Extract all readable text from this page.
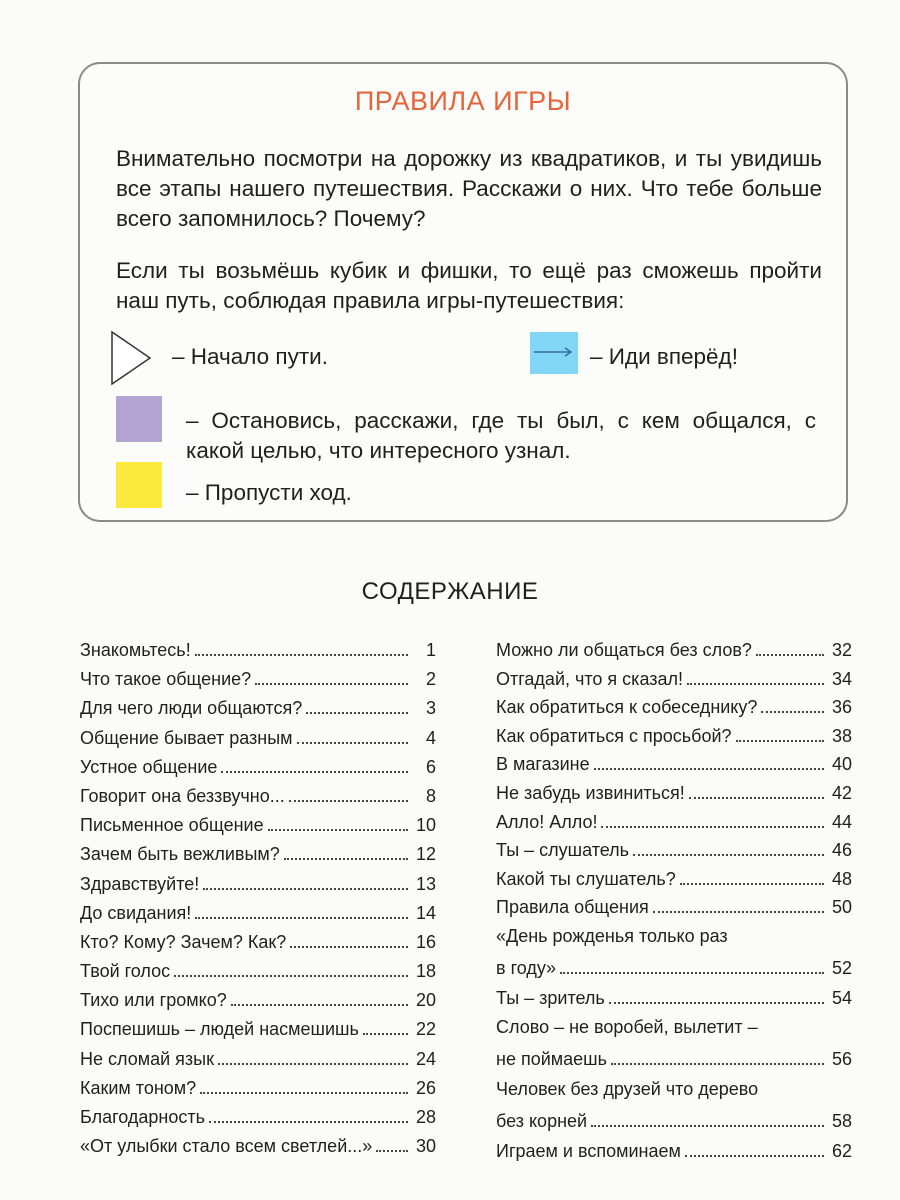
ПРАВИЛА ИГРЫ
Внимательно посмотри на дорожку из квадратиков, и ты увидишь все этапы нашего путешествия. Расскажи о них. Что тебе больше всего запомнилось? Почему?
Если ты возьмёшь кубик и фишки, то ещё раз сможешь пройти наш путь, соблюдая правила игры-путешествия:
– Начало пути.	– Иди вперёд!
– Остановись, расскажи, где ты был, с кем общался, с какой целью, что интересного узнал.
– Пропусти ход.
СОДЕРЖАНИЕ
Знакомьтесь!	1
Что такое общение?	2
Для чего люди общаются?	3
Общение бывает разным	4
Устное общение	6
Говорит она беззвучно...	8
Письменное общение	10
Зачем быть вежливым?	12
Здравствуйте!	13
До свидания!	14
Кто? Кому? Зачем? Как?	16
Твой голос	18
Тихо или громко?	20
Поспешишь – людей насмешишь	22
Не сломай язык	24
Каким тоном?	26
Благодарность	28
«От улыбки стало всем светлей...» 30
Можно ли общаться без слов?	32
Отгадай, что я сказал!	34
Как обратиться к собеседнику?	36
Как обратиться с просьбой?	38
В магазине	40
Не забудь извиниться!	42
Алло! Алло!	44
Ты – слушатель	46
Какой ты слушатель?	48
Правила общения	50
«День рожденья только раз
в году»	52
Ты – зритель	54
Слово – не воробей, вылетит –
не поймаешь	56
Человек без друзей что дерево
без корней	58
Играем и вспоминаем	62
